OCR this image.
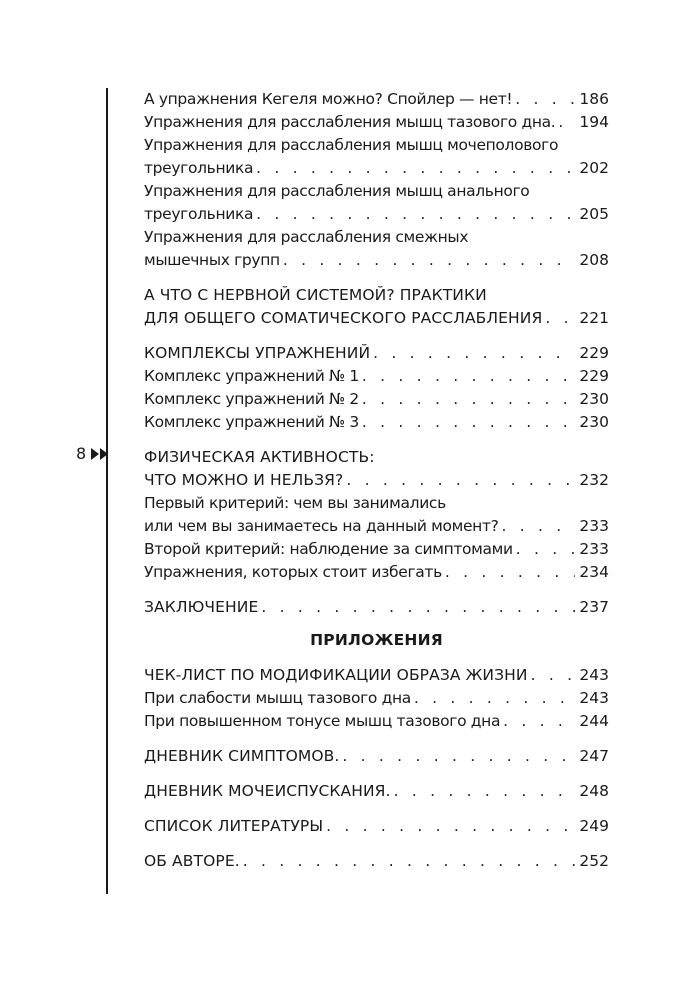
8
А упражнения Кегеля можно? Спойлер — нет! . . .	186
Упражнения для расслабления мышц тазового дна. . . . 194
Упражнения для расслабления мышц мочеполового
треугольника . . .	202
Упражнения для расслабления мышц анального
треугольника . . .	205
Упражнения для расслабления смежных
мышечных групп . . .	208
А ЧТО С НЕРВНОЙ СИСТЕМОЙ? ПРАКТИКИ
ДЛЯ ОБЩЕГО СОМАТИЧЕСКОГО РАССЛАБЛЕНИЯ . . . 221
КОМПЛЕКСЫ УПРАЖНЕНИЙ . . .	229
Комплекс упражнений № 1 . . .	229
Комплекс упражнений № 2 . . .	230
Комплекс упражнений № 3 . . .	230
ФИЗИЧЕСКАЯ АКТИВНОСТЬ:
ЧТО МОЖНО И НЕЛЬЗЯ? . . .	232
Первый критерий: чем вы занимались
или чем вы занимаетесь на данный момент? . . .	233
Второй критерий: наблюдение за симптомами . . .	233
Упражнения, которых стоит избегать . . .	234
ЗАКЛЮЧЕНИЕ . . .	237
ПРИЛОЖЕНИЯ
ЧЕК-ЛИСТ ПО МОДИФИКАЦИИ ОБРАЗА ЖИЗНИ . . .	243
При слабости мышц тазового дна . . .	243
При повышенном тонусе мышц тазового дна . . .	244
ДНЕВНИК СИМПТОМОВ. . . .	247
ДНЕВНИК МОЧЕИСПУСКАНИЯ. . . .	248
СПИСОК ЛИТЕРАТУРЫ . . .	249
ОБ АВТОРЕ. . . .	252
